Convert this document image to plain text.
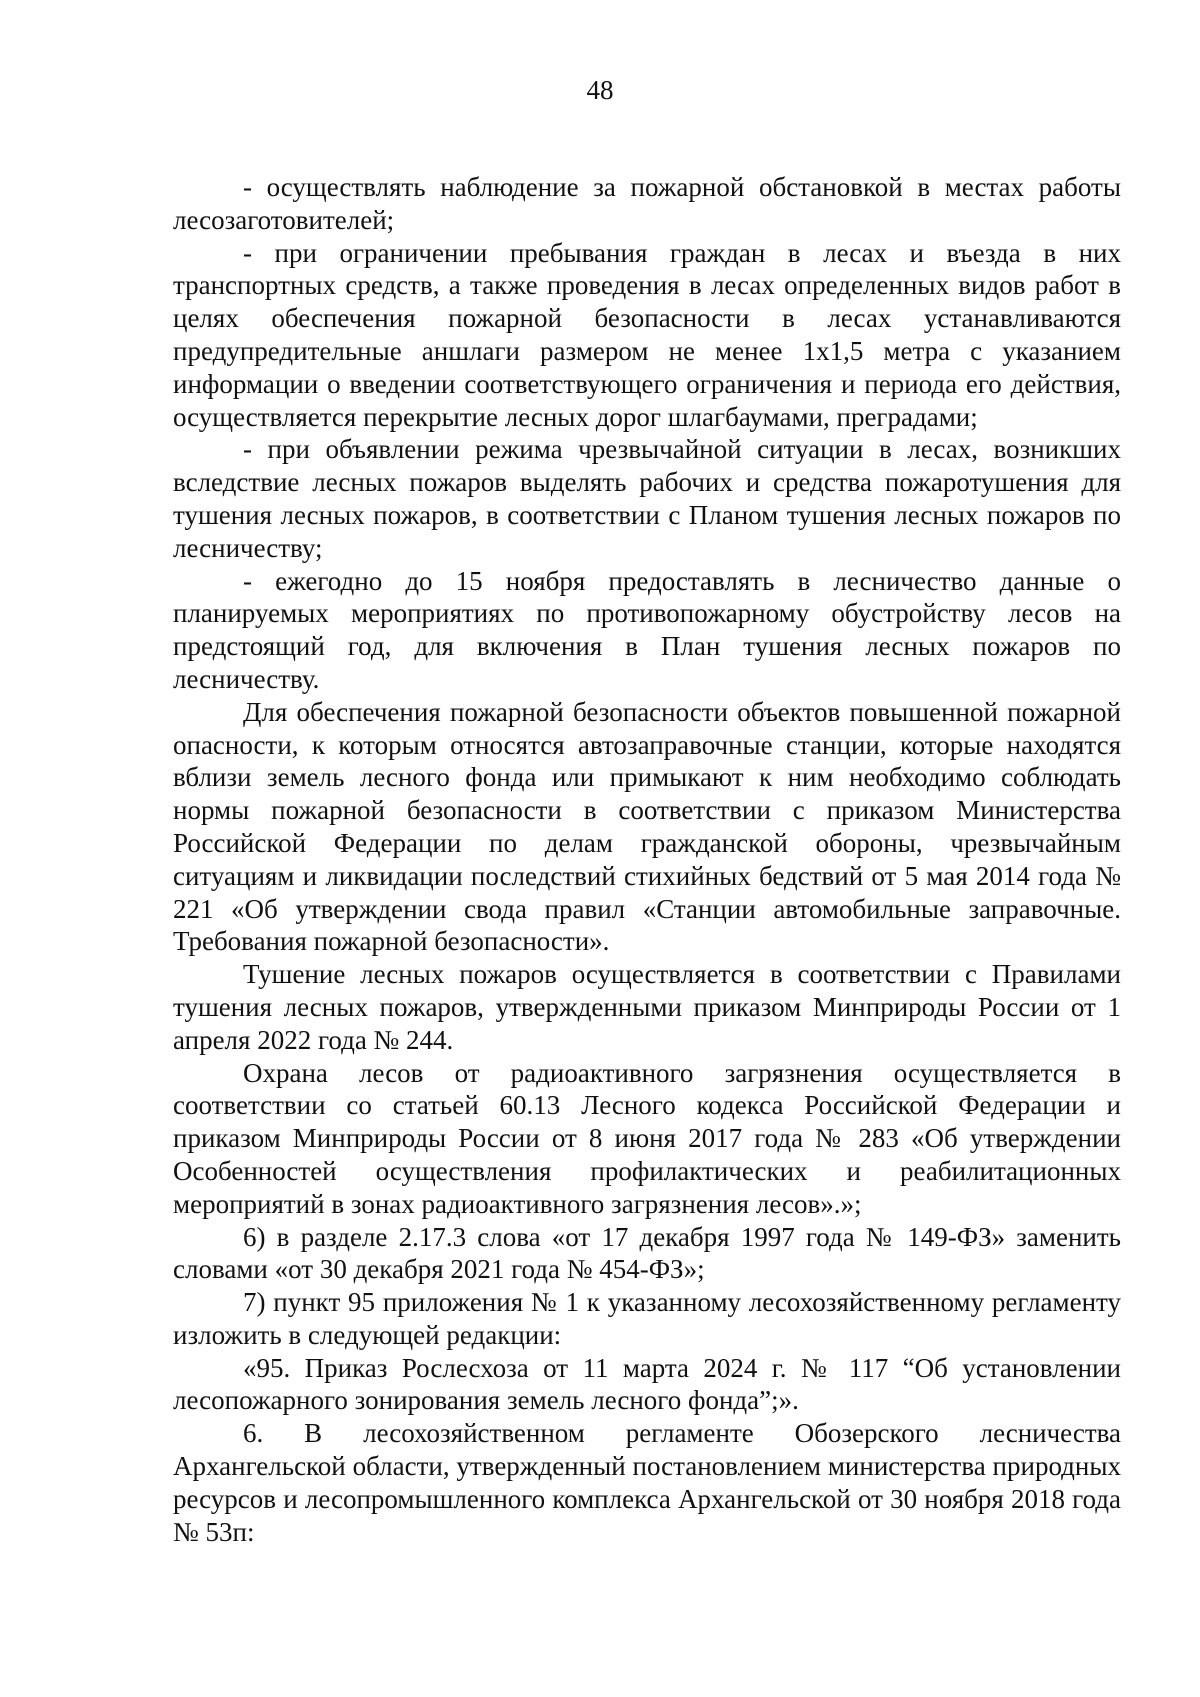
48

- осуществлять наблюдение за пожарной обстановкой в местах работы лесозаготовителей;

- при ограничении пребывания граждан в лесах и въезда в них транспортных средств, а также проведения в лесах определенных видов работ в целях обеспечения пожарной безопасности в лесах устанавливаются предупредительные аншлаги размером не менее 1х1,5 метра с указанием информации о введении соответствующего ограничения и периода его действия, осуществляется перекрытие лесных дорог шлагбаумами, преградами;

- при объявлении режима чрезвычайной ситуации в лесах, возникших вследствие лесных пожаров выделять рабочих и средства пожаротушения для тушения лесных пожаров, в соответствии с Планом тушения лесных пожаров по лесничеству;

- ежегодно до 15 ноября предоставлять в лесничество данные о планируемых мероприятиях по противопожарному обустройству лесов на предстоящий год, для включения в План тушения лесных пожаров по лесничеству.

Для обеспечения пожарной безопасности объектов повышенной пожарной опасности, к которым относятся автозаправочные станции, которые находятся вблизи земель лесного фонда или примыкают к ним необходимо соблюдать нормы пожарной безопасности в соответствии с приказом Министерства Российской Федерации по делам гражданской обороны, чрезвычайным ситуациям и ликвидации последствий стихийных бедствий от 5 мая 2014 года № 221 «Об утверждении свода правил «Станции автомобильные заправочные. Требования пожарной безопасности».

Тушение лесных пожаров осуществляется в соответствии с Правилами тушения лесных пожаров, утвержденными приказом Минприроды России от 1 апреля 2022 года № 244.

Охрана лесов от радиоактивного загрязнения осуществляется в соответствии со статьей 60.13 Лесного кодекса Российской Федерации и приказом Минприроды России от 8 июня 2017 года № 283 «Об утверждении Особенностей осуществления профилактических и реабилитационных мероприятий в зонах радиоактивного загрязнения лесов».»;

6) в разделе 2.17.3 слова «от 17 декабря 1997 года № 149-ФЗ» заменить словами «от 30 декабря 2021 года № 454-ФЗ»;

7) пункт 95 приложения № 1 к указанному лесохозяйственному регламенту изложить в следующей редакции:

«95. Приказ Рослесхоза от 11 марта 2024 г. № 117 “Об установлении лесопожарного зонирования земель лесного фонда”;».

6. В лесохозяйственном регламенте Обозерского лесничества Архангельской области, утвержденный постановлением министерства природных ресурсов и лесопромышленного комплекса Архангельской от 30 ноября 2018 года № 53п:
